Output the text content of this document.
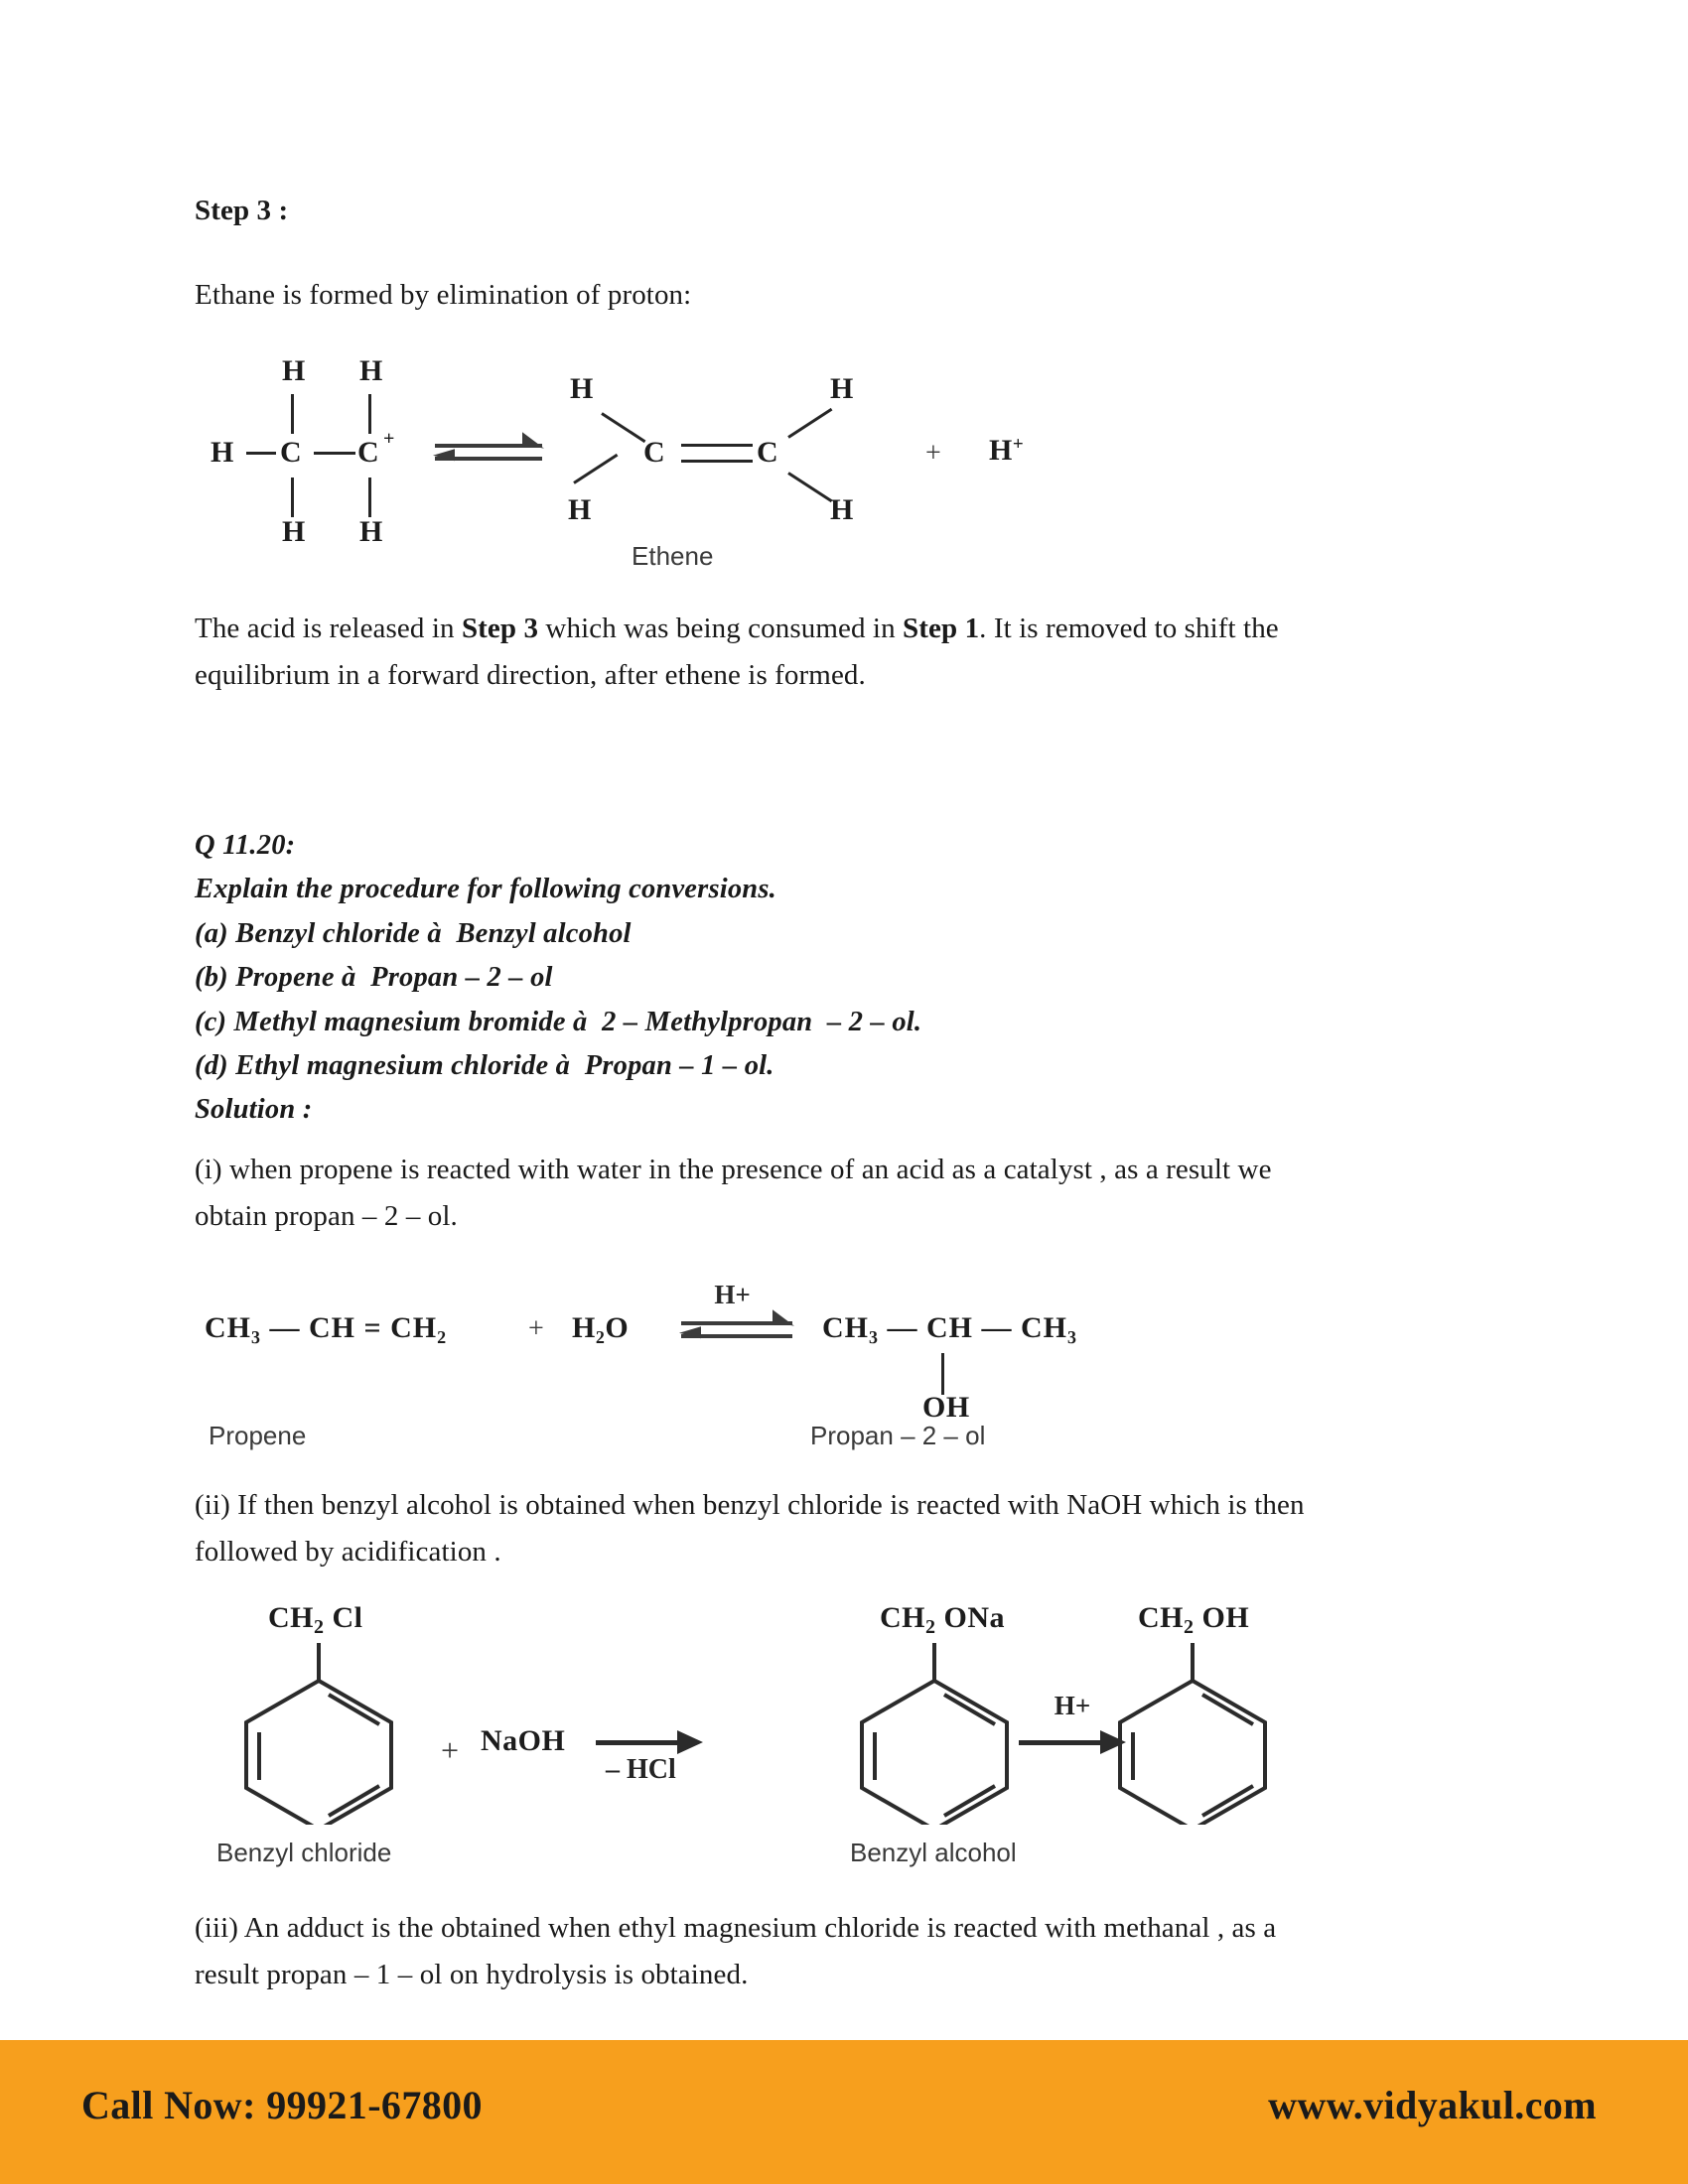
Step 3 :
Ethane is formed by elimination of proton:
H H
H C C +
H H
H
C	C
H
H
H
Ethene
+ H+
The acid is released in Step 3 which was being consumed in Step 1. It is removed to shift the equilibrium in a forward direction, after ethene is formed.
Q 11.20:
Explain the procedure for following conversions.
(a) Benzyl chloride à  Benzyl alcohol
(b) Propene à  Propan – 2 – ol
(c) Methyl magnesium bromide à  2 – Methylpropan  – 2 – ol.
(d) Ethyl magnesium chloride à  Propan – 1 – ol.
Solution :
(i) when propene is reacted with water in the presence of an acid as a catalyst , as a result we obtain propan – 2 – ol.
CH₃ — CH = CH₂	+ H₂O
H+
CH₃ — CH — CH₃
OH
Propene	Propan – 2 – ol
(ii) If then benzyl alcohol is obtained when benzyl chloride is reacted with NaOH which is then followed by acidification .
$CH_2$ Cl
+ NaOH
– HCl
$CH_2$ ONa
H+
$CH_2$ OH
Benzyl chloride	Benzyl alcohol
(iii) An adduct is the obtained when ethyl magnesium chloride is reacted with methanal , as a result propan – 1 – ol on hydrolysis is obtained.
Call Now: 99921-67800	www.vidyakul.com
